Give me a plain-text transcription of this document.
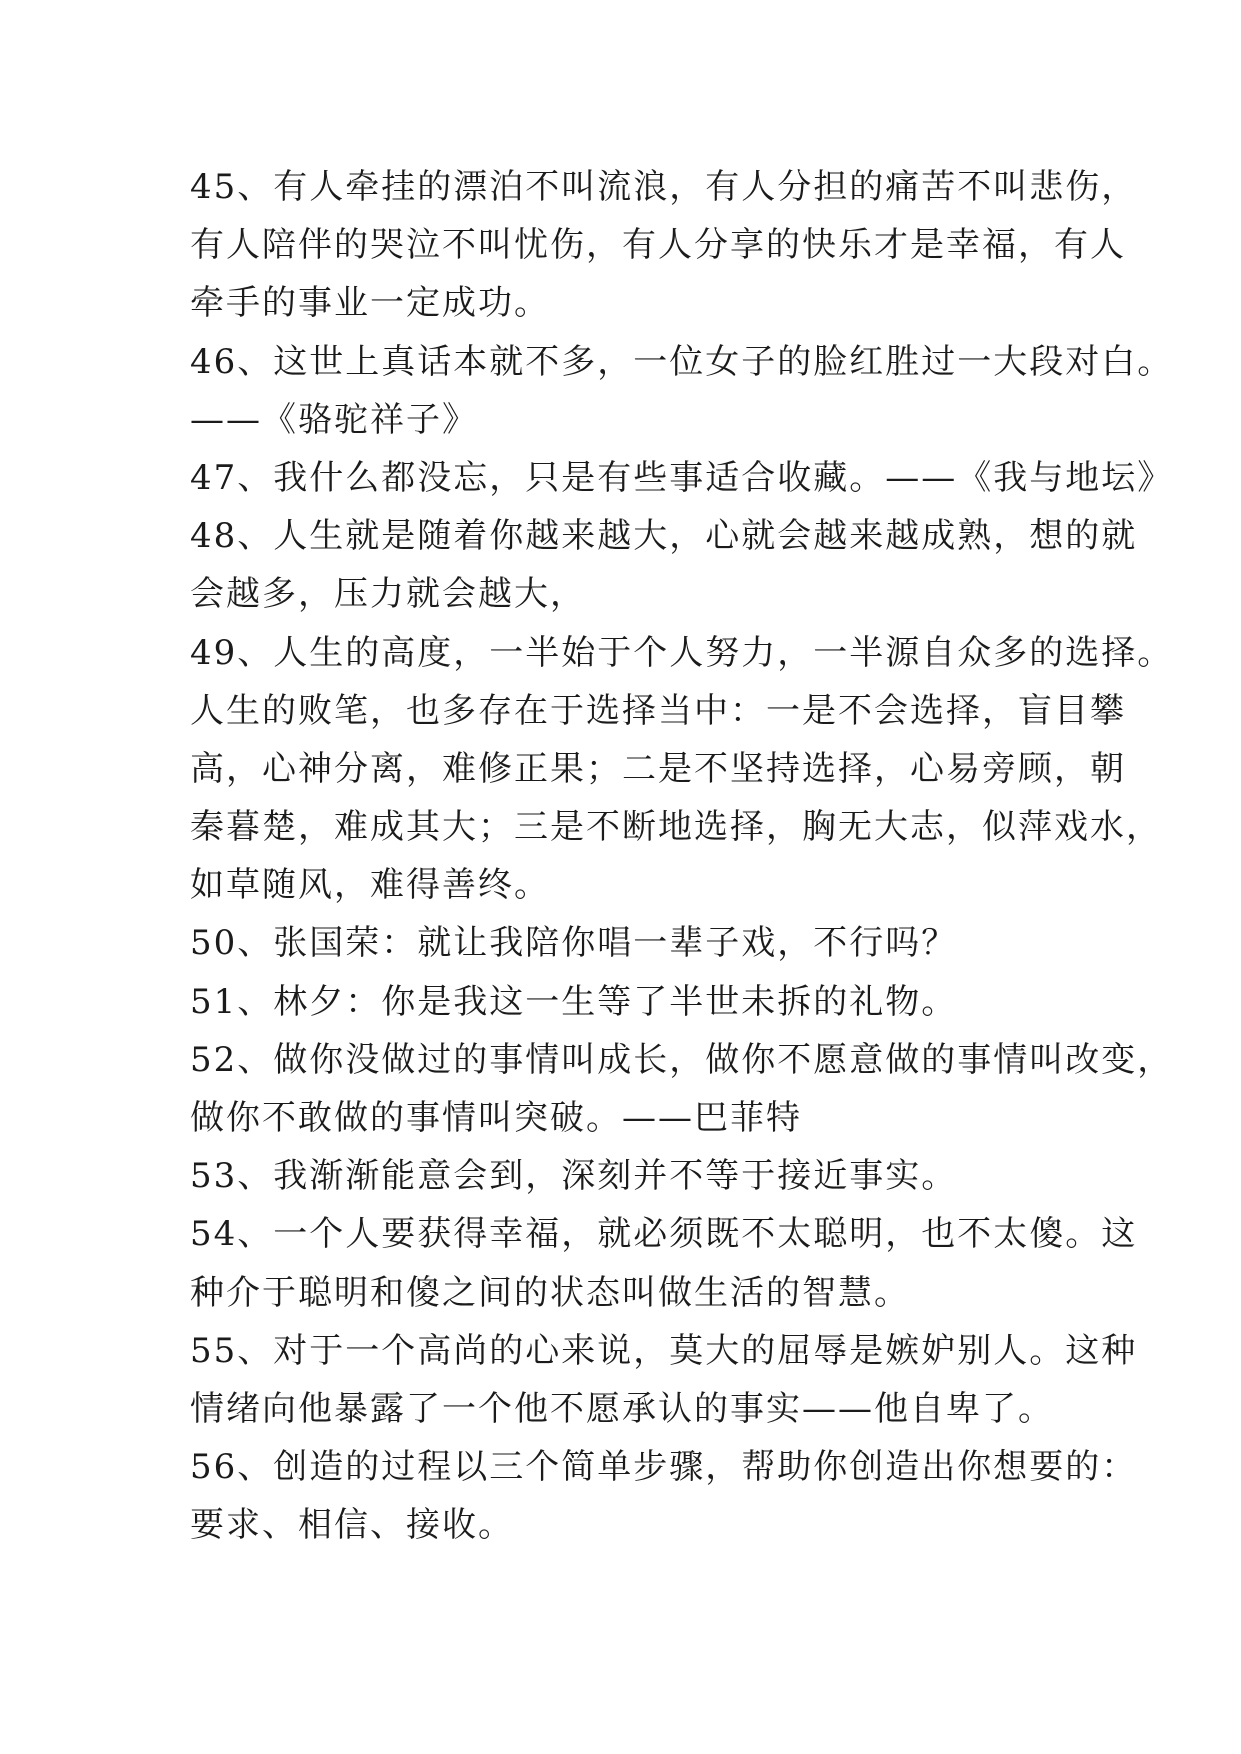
45、有人牵挂的漂泊不叫流浪，有人分担的痛苦不叫悲伤，

有人陪伴的哭泣不叫忧伤，有人分享的快乐才是幸福，有人

牵手的事业一定成功。

46、这世上真话本就不多，一位女子的脸红胜过一大段对白。

——《骆驼祥子》

47、我什么都没忘，只是有些事适合收藏。——《我与地坛》

48、人生就是随着你越来越大，心就会越来越成熟，想的就

会越多，压力就会越大，

49、人生的高度，一半始于个人努力，一半源自众多的选择。

人生的败笔，也多存在于选择当中：一是不会选择，盲目攀

高，心神分离，难修正果；二是不坚持选择，心易旁顾，朝

秦暮楚，难成其大；三是不断地选择，胸无大志，似萍戏水，

如草随风，难得善终。

50、张国荣：就让我陪你唱一辈子戏，不行吗？

51、林夕：你是我这一生等了半世未拆的礼物。

52、做你没做过的事情叫成长，做你不愿意做的事情叫改变，

做你不敢做的事情叫突破。——巴菲特

53、我渐渐能意会到，深刻并不等于接近事实。

54、一个人要获得幸福，就必须既不太聪明，也不太傻。这

种介于聪明和傻之间的状态叫做生活的智慧。

55、对于一个高尚的心来说，莫大的屈辱是嫉妒别人。这种

情绪向他暴露了一个他不愿承认的事实——他自卑了。

56、创造的过程以三个简单步骤，帮助你创造出你想要的：

要求、相信、接收。
